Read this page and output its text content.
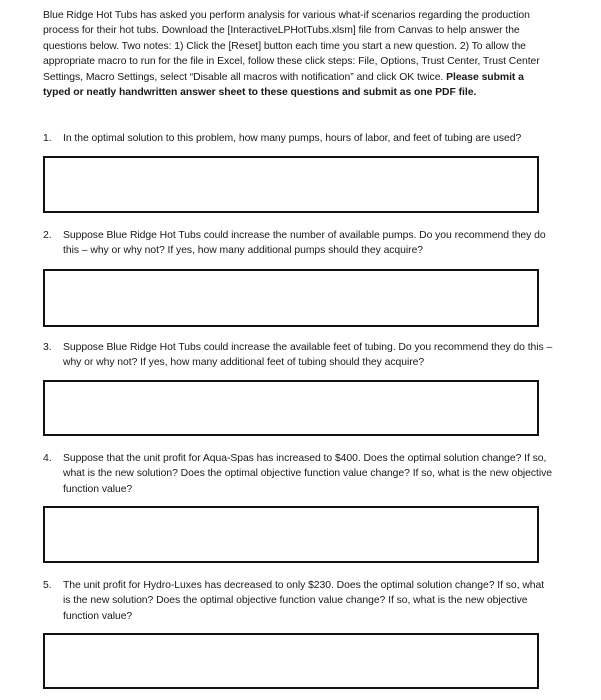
Blue Ridge Hot Tubs has asked you perform analysis for various what-if scenarios regarding the production process for their hot tubs. Download the [InteractiveLPHotTubs.xlsm] file from Canvas to help answer the questions below. Two notes: 1) Click the [Reset] button each time you start a new question. 2) To allow the appropriate macro to run for the file in Excel, follow these click steps: File, Options, Trust Center, Trust Center Settings, Macro Settings, select “Disable all macros with notification” and click OK twice. Please submit a typed or neatly handwritten answer sheet to these questions and submit as one PDF file.
1.	In the optimal solution to this problem, how many pumps, hours of labor, and feet of tubing are used?
2.	Suppose Blue Ridge Hot Tubs could increase the number of available pumps. Do you recommend they do this – why or why not? If yes, how many additional pumps should they acquire?
3.	Suppose Blue Ridge Hot Tubs could increase the available feet of tubing. Do you recommend they do this – why or why not? If yes, how many additional feet of tubing should they acquire?
4.	Suppose that the unit profit for Aqua-Spas has increased to $400. Does the optimal solution change? If so, what is the new solution? Does the optimal objective function value change? If so, what is the new objective function value?
5.	The unit profit for Hydro-Luxes has decreased to only $230. Does the optimal solution change? If so, what is the new solution? Does the optimal objective function value change? If so, what is the new objective function value?
